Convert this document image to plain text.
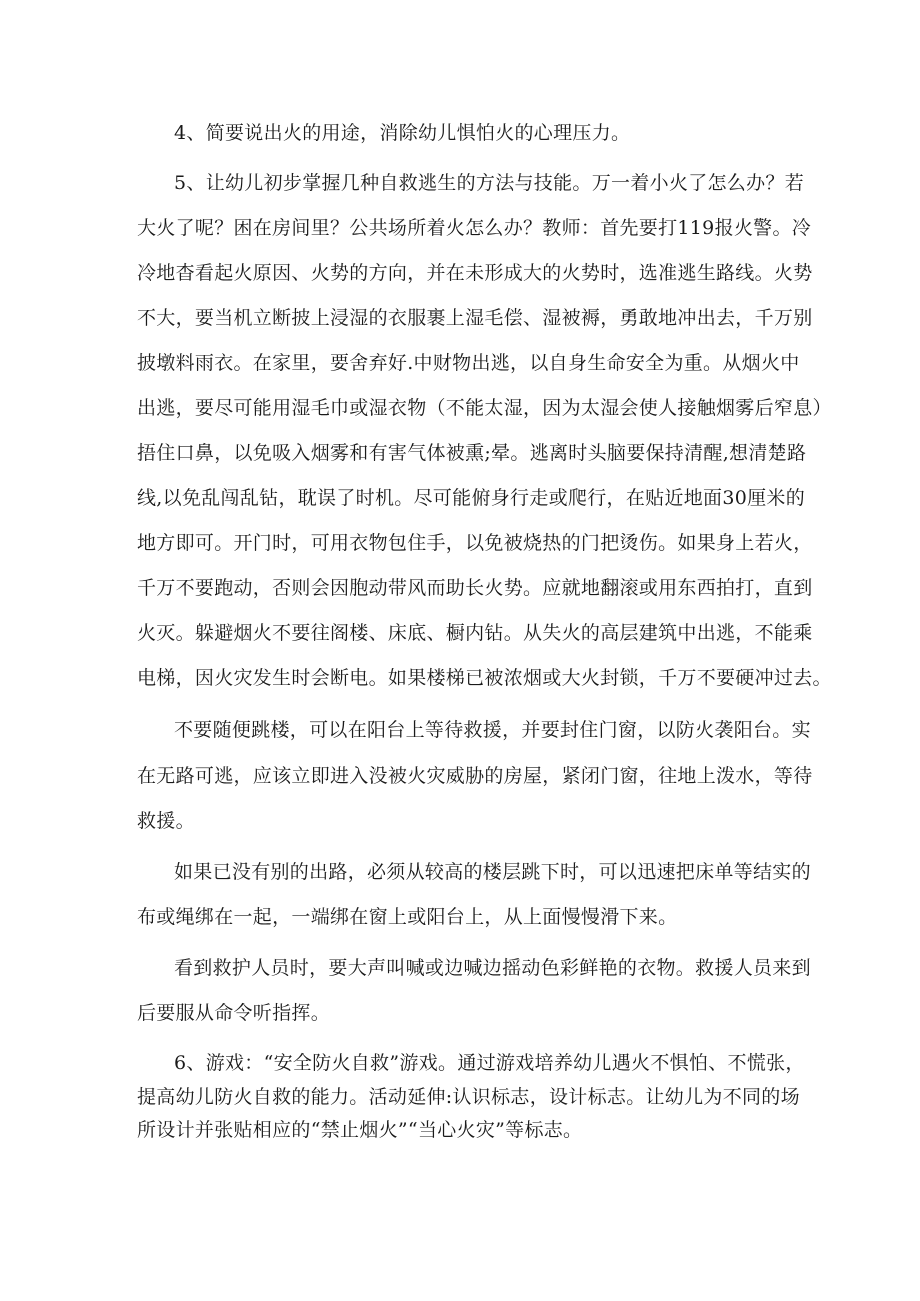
4、简要说出火的用途，消除幼儿惧怕火的心理压力。

5、让幼儿初步掌握几种自救逃生的方法与技能。万一着小火了怎么办？若

大火了呢？困在房间里？公共场所着火怎么办？教师：首先要打119报火警。冷

冷地杳看起火原因、火势的方向，并在未形成大的火势时，选准逃生路线。火势

不大，要当机立断披上浸湿的衣服裹上湿毛偿、湿被褥，勇敢地冲出去，千万别

披墩料雨衣。在家里，要舍弃好.中财物出逃，以自身生命安全为重。从烟火中

出逃，要尽可能用湿毛巾或湿衣物（不能太湿，因为太湿会使人接触烟雾后窄息）

捂住口鼻，以免吸入烟雾和有害气体被熏;晕。逃离时头脑要保持清醒,想清楚路

线,以免乱闯乱钻，耽误了时机。尽可能俯身行走或爬行，在贴近地面30厘米的

地方即可。开门时，可用衣物包住手，以免被烧热的门把烫伤。如果身上若火，

千万不要跑动，否则会因胞动带风而助长火势。应就地翻滚或用东西拍打，直到

火灭。躲避烟火不要往阁楼、床底、橱内钻。从失火的高层建筑中出逃，不能乘

电梯，因火灾发生时会断电。如果楼梯已被浓烟或大火封锁，千万不要硬冲过去。

不要随便跳楼，可以在阳台上等待救援，并要封住门窗，以防火袭阳台。实

在无路可逃，应该立即进入没被火灾威胁的房屋，紧闭门窗，往地上泼水，等待

救援。

如果已没有别的出路，必须从较高的楼层跳下时，可以迅速把床单等结实的

布或绳绑在一起，一端绑在窗上或阳台上，从上面慢慢滑下来。

看到救护人员时，要大声叫喊或边喊边摇动色彩鲜艳的衣物。救援人员来到

后要服从命令听指挥。

6、游戏：“安全防火自救”游戏。通过游戏培养幼儿遇火不惧怕、不慌张，

提高幼儿防火自救的能力。活动延伸:认识标志，设计标志。让幼儿为不同的场

所设计并张贴相应的“禁止烟火”“当心火灾”等标志。
